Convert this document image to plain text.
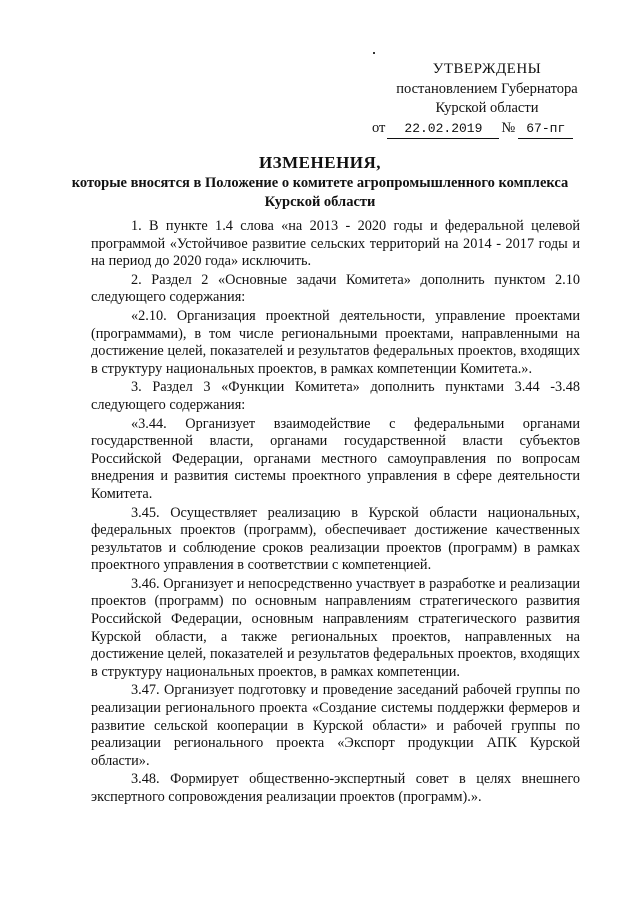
УТВЕРЖДЕНЫ
постановлением Губернатора
Курской области
от	22.02.2019	№ 67-пг
ИЗМЕНЕНИЯ,
которые вносятся в Положение о комитете агропромышленного комплекса Курской области

1. В пункте 1.4 слова «на 2013 - 2020 годы и федеральной целевой программой «Устойчивое развитие сельских территорий на 2014 - 2017 годы и на период до 2020 года» исключить.

2. Раздел 2 «Основные задачи Комитета» дополнить пунктом 2.10 следующего содержания:

«2.10. Организация проектной деятельности, управление проектами (программами), в том числе региональными проектами, направленными на достижение целей, показателей и результатов федеральных проектов, входящих в структуру национальных проектов, в рамках компетенции Комитета.».

3. Раздел 3 «Функции Комитета» дополнить пунктами 3.44 -3.48 следующего содержания:

«3.44. Организует взаимодействие с федеральными органами государственной власти, органами государственной власти субъектов Российской Федерации, органами местного самоуправления по вопросам внедрения и развития системы проектного управления в сфере деятельности Комитета.

3.45. Осуществляет реализацию в Курской области национальных, федеральных проектов (программ), обеспечивает достижение качественных результатов и соблюдение сроков реализации проектов (программ) в рамках проектного управления в соответствии с компетенцией.

3.46. Организует и непосредственно участвует в разработке и реализации проектов (программ) по основным направлениям стратегического развития Российской Федерации, основным направлениям стратегического развития Курской области, а также региональных проектов, направленных на достижение целей, показателей и результатов федеральных проектов, входящих в структуру национальных проектов, в рамках компетенции.

3.47. Организует подготовку и проведение заседаний рабочей группы по реализации регионального проекта «Создание системы поддержки фермеров и развитие сельской кооперации в Курской области» и рабочей группы по реализации регионального проекта «Экспорт продукции АПК Курской области».

3.48. Формирует общественно-экспертный совет в целях внешнего экспертного сопровождения реализации проектов (программ).».
